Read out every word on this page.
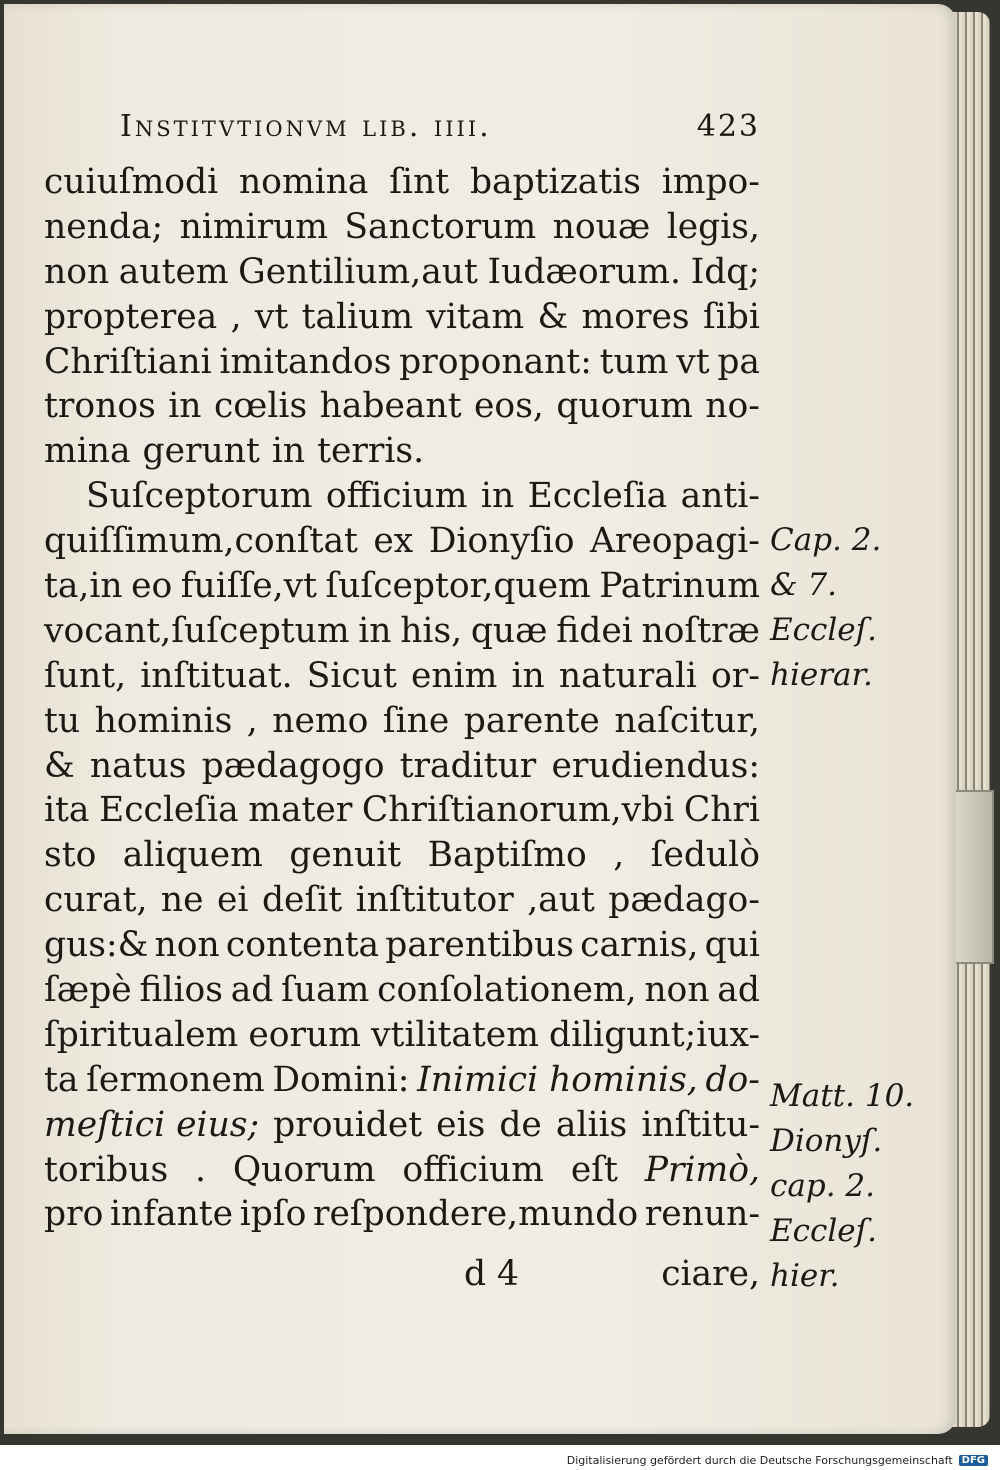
Institvtionvm lib. iiii.	423
cuiuſmodi nomina ſint baptizatis impo-
nenda; nimirum Sanctorum nouæ legis,
non autem Gentilium,aut Iudæorum. Idq;
propterea , vt talium vitam & mores ſibi
Chriſtiani imitandos proponant: tum vt pa
tronos in cœlis habeant eos, quorum no-
mina gerunt in terris.
Suſceptorum officium in Eccleſia anti-
quiſſimum,conſtat ex Dionyſio Areopagi-
ta,in eo fuiſſe,vt ſuſceptor,quem Patrinum
vocant,ſuſceptum in his, quæ fidei noſtræ
ſunt, inſtituat. Sicut enim in naturali or-
tu hominis , nemo ſine parente naſcitur,
& natus pædagogo traditur erudiendus:
ita Eccleſia mater Chriſtianorum,vbi Chri
sto aliquem genuit Baptiſmo , ſedulò
curat, ne ei deſit inſtitutor ,aut pædago-
gus:& non contenta parentibus carnis, qui
ſæpè filios ad ſuam conſolationem, non ad
ſpiritualem eorum vtilitatem diligunt;iux-
ta ſermonem Domini: Inimici hominis, do-
meſtici eius; prouidet eis de aliis inſtitu-
toribus . Quorum officium eſt Primò,
pro infante ipſo reſpondere,mundo renun-
Cap. 2.
& 7.
Eccleſ.
hierar.
Matt. 10.
Dionyſ.
cap. 2.
Eccleſ.
hier.
d 4	ciare,
Digitalisierung gefördert durch die Deutsche Forschungsgemeinschaft DFG
